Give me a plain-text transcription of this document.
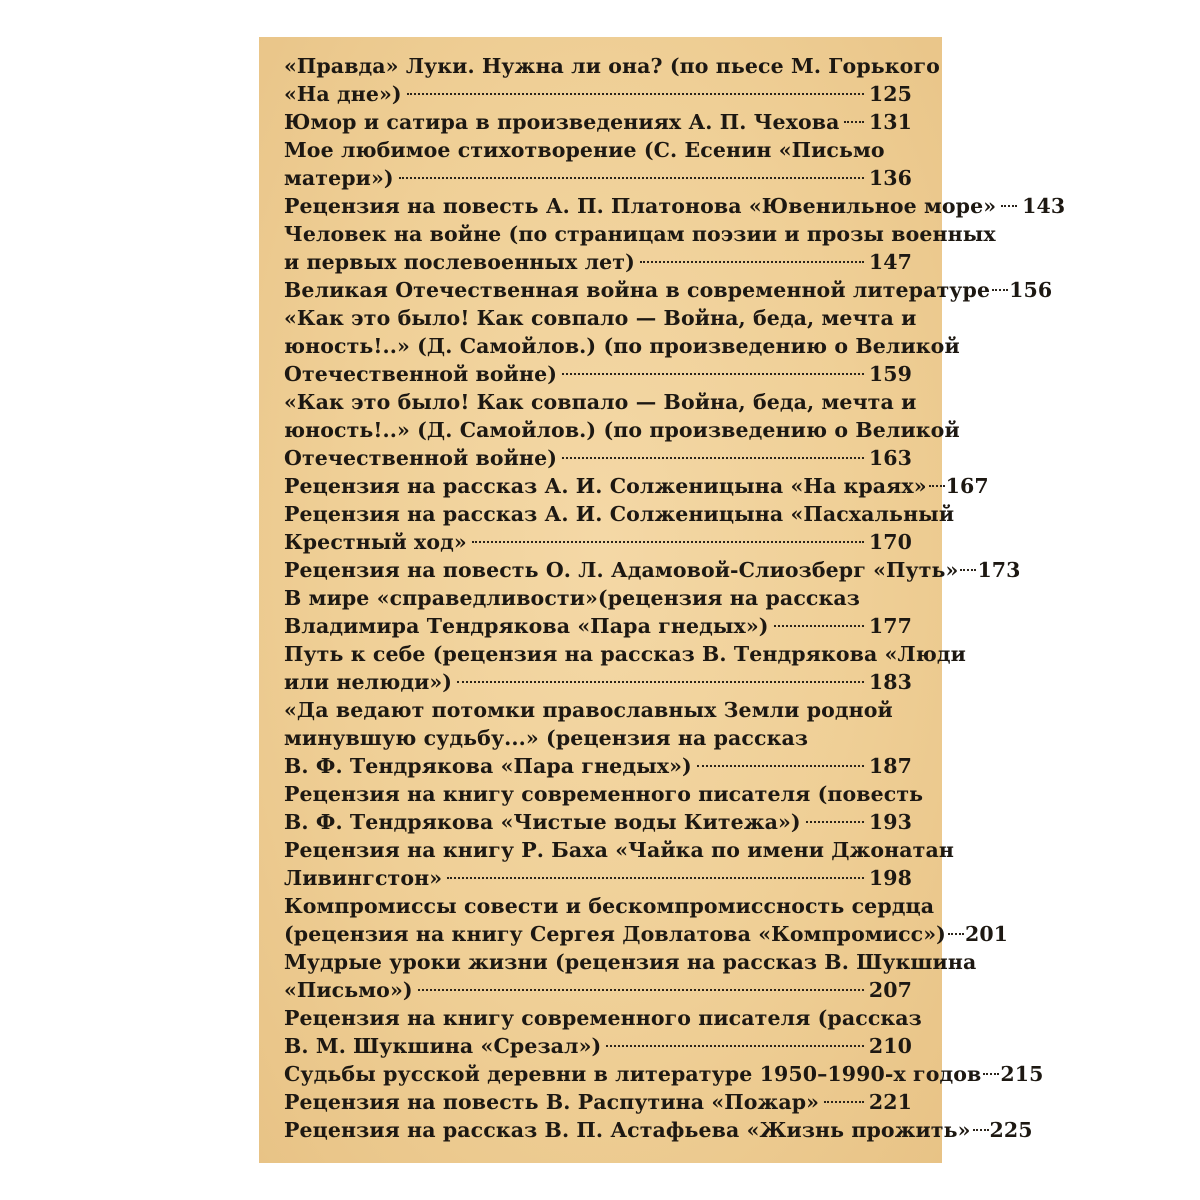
«Правда» Луки. Нужна ли она? (по пьесе М. Горького
«На дне»)	125
Юмор и сатира в произведениях А. П. Чехова 131
Мое любимое стихотворение (С. Есенин «Письмо
матери»)	136
Рецензия на повесть А. П. Платонова «Ювенильное море» 143
Человек на войне (по страницам поэзии и прозы военных
и первых послевоенных лет)	147
Великая Отечественная война в современной литературе 156
«Как это было! Как совпало — Война, беда, мечта и
юность!..» (Д. Самойлов.) (по произведению о Великой
Отечественной войне)	159
«Как это было! Как совпало — Война, беда, мечта и
юность!..» (Д. Самойлов.) (по произведению о Великой
Отечественной войне)	163
Рецензия на рассказ А. И. Солженицына «На краях» 167
Рецензия на рассказ А. И. Солженицына «Пасхальный
Крестный ход»	170
Рецензия на повесть О. Л. Адамовой-Слиозберг «Путь» 173
В мире «справедливости»(рецензия на рассказ
Владимира Тендрякова «Пара гнедых»)	177
Путь к себе (рецензия на рассказ В. Тендрякова «Люди
или нелюди»)	183
«Да ведают потомки православных Земли родной
минувшую судьбу...» (рецензия на рассказ
В. Ф. Тендрякова «Пара гнедых»)	187
Рецензия на книгу современного писателя (повесть
В. Ф. Тендрякова «Чистые воды Китежа»)	193
Рецензия на книгу Р. Баха «Чайка по имени Джонатан
Ливингстон»	198
Компромиссы совести и бескомпромиссность сердца
(рецензия на книгу Сергея Довлатова «Компромисс») 201
Мудрые уроки жизни (рецензия на рассказ В. Шукшина
«Письмо»)	207
Рецензия на книгу современного писателя (рассказ
В. М. Шукшина «Срезал»)	210
Судьбы русской деревни в литературе 1950–1990-х годов 215
Рецензия на повесть В. Распутина «Пожар» 221
Рецензия на рассказ В. П. Астафьева «Жизнь прожить» 225
